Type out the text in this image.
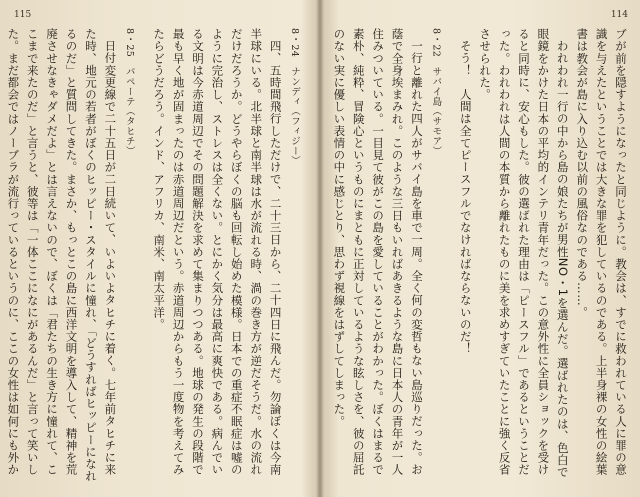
115

8・24ナンディ（フィジー）

四、五時間飛行しただけで、二十三日から、二十四日に飛んだ。勿論ぼくは今南半球にいる。北半球と南半球は水が流れる時、渦の巻き方が逆だそうだ。水の流れだけだろうか。どうやらぼくの脳も回転し始めた模様。日本での重症不眠症は嘘のように完治し、ストレスは全くない。とにかく気分は最高に爽快である。病んでいる文明は今赤道周辺でその問題解決を求めて集まりつつある。地球の発生の段階で最も早く地が固まったのは赤道周辺だという。赤道周辺からもう一度物を考えてみたらどうだろう。インド、アフリカ、南米、南太平洋。

8・25パペーテ（タヒチ）

日付変更線で二十五日が二日続いて、いよいよタヒチに着く。七年前タヒチに来た時、地元の若者がぼくのヒッピー・スタイルに憧れ、「どうすればヒッピーになれるのだ」と質問してきた。まさか、もっとこの島に西洋文明を導入して、精神を荒廃させなきゃダメだよ」とは言えないので、ぼくは「君たちの生き方に憧れて、ここまで来たのだ」と言うと、彼等は「一体ここになにがあるんだ」と言って笑いした。まだ都会ではノーブラが流行っているというのに、ここの女性は如何にも外か

114

ブが前を隠すようになったと同じように。教会は、すでに救われている人に罪の意識を与えたということでは大きな罪を犯しているのである。上半身裸の女性の絵葉書は教会が島に入り込む以前の風俗なのである……。

われわれ一行の中から島の娘たちが男性NO・1を選んだ。選ばれたのは、色白で眼鏡をかけた日本の平均的インテリ青年だった。この意外性に全員ショックを受けると同時に、安心もした。彼の選ばれた理由は「ピースフル」であるということだった。われわれは人間の本質から離れたものに美を求めすぎていたことに強く反省させられた。

そう！　人間は全てピースフルでなければならないのだ！

8・22サバイ島（サモア）

一行と離れた四人がサバイ島を車で一周。全く何の変哲もない島巡りだった。お蔭で全身埃まみれ。このような三日もいればあきるような島に日本人の青年が一人住みついている。一目見て彼がこの島を愛していることがわかった。ぼくはまるで素朴、純粋、冒険心というものにまともに正対しているような眩しさを、彼の屈託のない実に優しい表情の中に感じとり、思わず視線をはずしてしまった。
